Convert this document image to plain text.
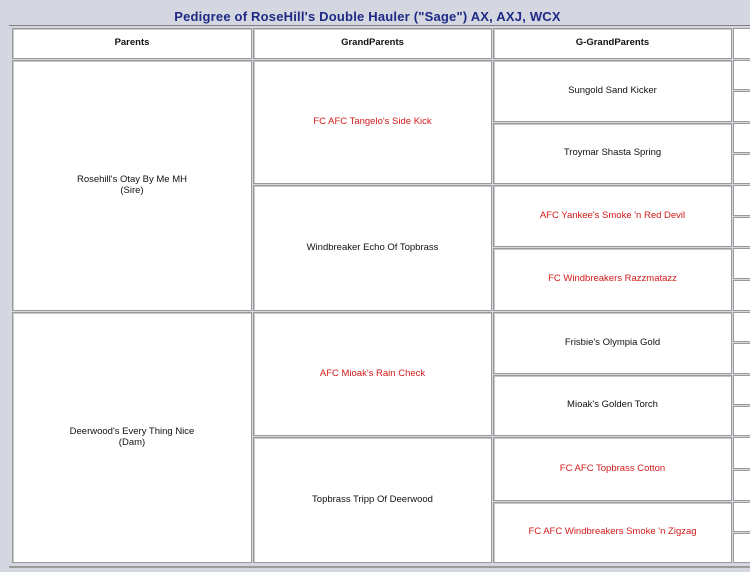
Pedigree of RoseHill's Double Hauler ("Sage") AX, AXJ, WCX
Parents	GrandParents	G-GrandParents
Rosehill's Otay By Me MH
(Sire)
Deerwood's Every Thing Nice
(Dam)
FC AFC Tangelo's Side Kick
Windbreaker Echo Of Topbrass
AFC Mioak's Rain Check
Topbrass Tripp Of Deerwood
Sungold Sand Kicker
Troymar Shasta Spring
AFC Yankee's Smoke 'n Red Devil
FC Windbreakers Razzmatazz
Frisbie's Olympia Gold
Mioak's Golden Torch
FC AFC Topbrass Cotton
FC AFC Windbreakers Smoke 'n Zigzag
